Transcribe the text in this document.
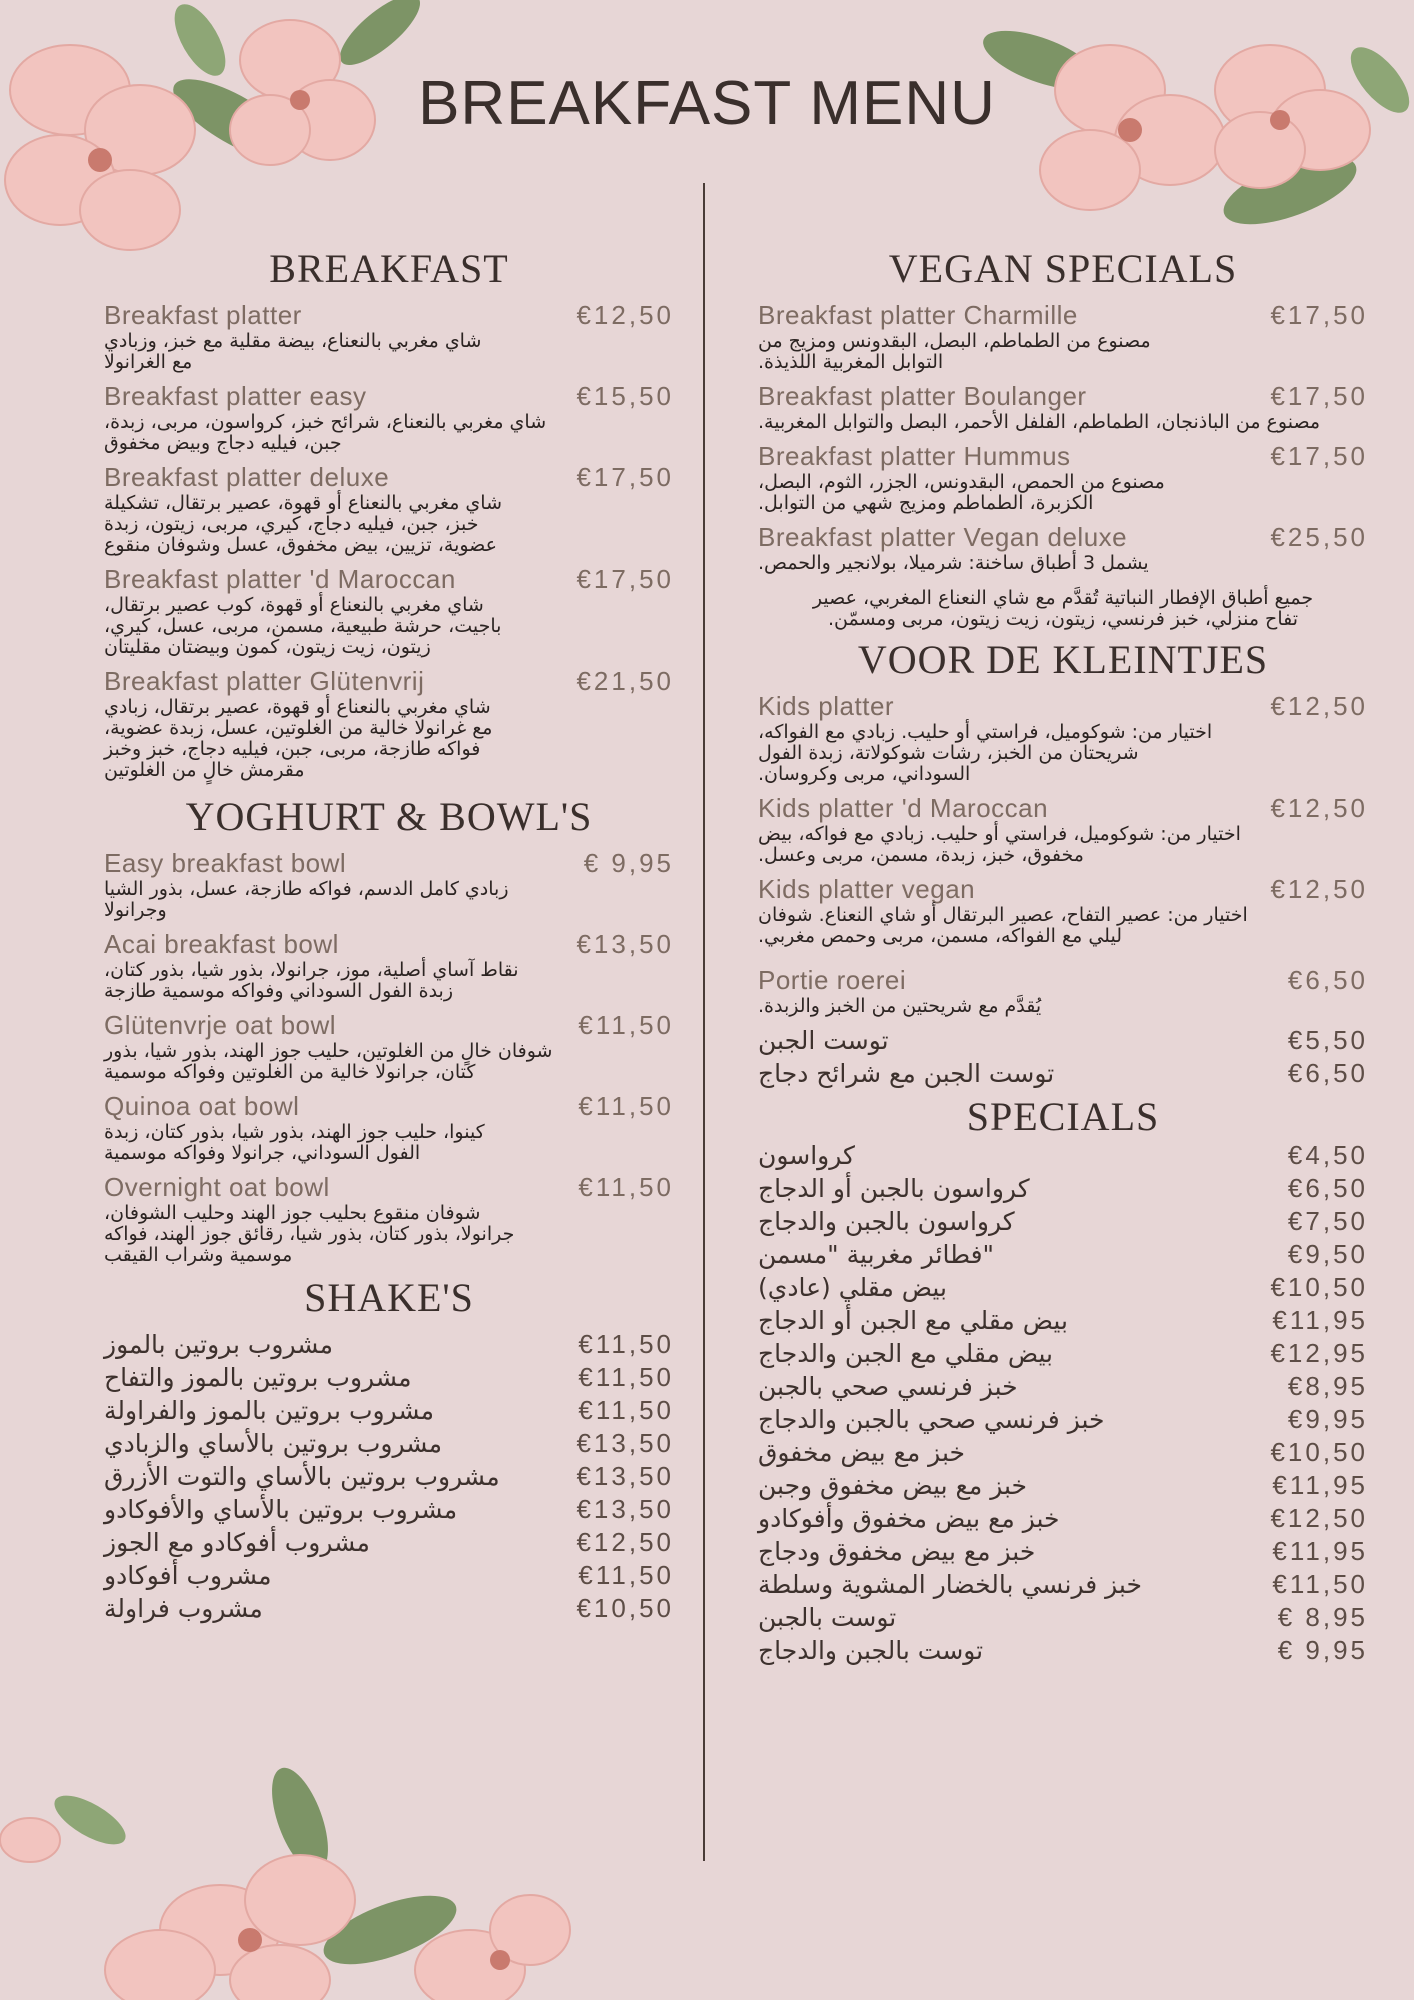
BREAKFAST MENU
BREAKFAST
Breakfast platter	€12,50
شاي مغربي بالنعناع، بيضة مقلية مع خبز، وزبادي مع الغرانولا
Breakfast platter easy	€15,50
شاي مغربي بالنعناع، شرائح خبز، كرواسون، مربى، زبدة، جبن، فيليه دجاج وبيض مخفوق
Breakfast platter deluxe	€17,50
شاي مغربي بالنعناع أو قهوة، عصير برتقال، تشكيلة خبز، جبن، فيليه دجاج، كيري، مربى، زيتون، زبدة عضوية، تزيين، بيض مخفوق، عسل وشوفان منقوع
Breakfast platter 'd Maroccan	€17,50
شاي مغربي بالنعناع أو قهوة، كوب عصير برتقال، باجيت، حرشة طبيعية، مسمن، مربى، عسل، كيري، زيتون، زيت زيتون، كمون وبيضتان مقليتان
Breakfast platter Glütenvrij	€21,50
شاي مغربي بالنعناع أو قهوة، عصير برتقال، زبادي مع غرانولا خالية من الغلوتين، عسل، زبدة عضوية، فواكه طازجة، مربى، جبن، فيليه دجاج، خبز وخبز مقرمش خالٍ من الغلوتين
YOGHURT & BOWL'S
Easy breakfast bowl	€ 9,95
زبادي كامل الدسم، فواكه طازجة، عسل، بذور الشيا وجرانولا
Acai breakfast bowl	€13,50
نقاط آساي أصلية، موز، جرانولا، بذور شيا، بذور كتان، زبدة الفول السوداني وفواكه موسمية طازجة
Glütenvrje oat bowl	€11,50
شوفان خالٍ من الغلوتين، حليب جوز الهند، بذور شيا، بذور كتان، جرانولا خالية من الغلوتين وفواكه موسمية
Quinoa oat bowl	€11,50
كينوا، حليب جوز الهند، بذور شيا، بذور كتان، زبدة الفول السوداني، جرانولا وفواكه موسمية
Overnight oat bowl	€11,50
شوفان منقوع بحليب جوز الهند وحليب الشوفان، جرانولا، بذور كتان، بذور شيا، رقائق جوز الهند، فواكه موسمية وشراب القيقب
SHAKE'S
مشروب بروتين بالموز	€11,50
مشروب بروتين بالموز والتفاح	€11,50
مشروب بروتين بالموز والفراولة	€11,50
مشروب بروتين بالأساي والزبادي	€13,50
مشروب بروتين بالأساي والتوت الأزرق	€13,50
مشروب بروتين بالأساي والأفوكادو	€13,50
مشروب أفوكادو مع الجوز	€12,50
مشروب أفوكادو	€11,50
مشروب فراولة	€10,50
VEGAN SPECIALS
Breakfast platter Charmille	€17,50
مصنوع من الطماطم، البصل، البقدونس ومزيج من التوابل المغربية اللذيذة.
Breakfast platter Boulanger	€17,50
مصنوع من الباذنجان، الطماطم، الفلفل الأحمر، البصل والتوابل المغربية.
Breakfast platter Hummus	€17,50
مصنوع من الحمص، البقدونس، الجزر، الثوم، البصل، الكزبرة، الطماطم ومزيج شهي من التوابل.
Breakfast platter Vegan deluxe	€25,50
يشمل 3 أطباق ساخنة: شرميلا، بولانجير والحمص.
جميع أطباق الإفطار النباتية تُقدَّم مع شاي النعناع المغربي، عصير تفاح منزلي، خبز فرنسي، زيتون، زيت زيتون، مربى ومسمّن.
VOOR DE KLEINTJES
Kids platter	€12,50
اختيار من: شوكوميل، فراستي أو حليب. زبادي مع الفواكه، شريحتان من الخبز، رشات شوكولاتة، زبدة الفول السوداني، مربى وكروسان.
Kids platter 'd Maroccan	€12,50
اختيار من: شوكوميل، فراستي أو حليب. زبادي مع فواكه، بيض مخفوق، خبز، زبدة، مسمن، مربى وعسل.
Kids platter vegan	€12,50
اختيار من: عصير التفاح، عصير البرتقال أو شاي النعناع. شوفان ليلي مع الفواكه، مسمن، مربى وحمص مغربي.
Portie roerei	€6,50
يُقدَّم مع شريحتين من الخبز والزبدة.
توست الجبن	€5,50
توست الجبن مع شرائح دجاج	€6,50
SPECIALS
كرواسون	€4,50
كرواسون بالجبن أو الدجاج	€6,50
كرواسون بالجبن والدجاج	€7,50
"فطائر مغربية "مسمن	€9,50
بيض مقلي (عادي)	€10,50
بيض مقلي مع الجبن أو الدجاج	€11,95
بيض مقلي مع الجبن والدجاج	€12,95
خبز فرنسي صحي بالجبن	€8,95
خبز فرنسي صحي بالجبن والدجاج	€9,95
خبز مع بيض مخفوق	€10,50
خبز مع بيض مخفوق وجبن	€11,95
خبز مع بيض مخفوق وأفوكادو	€12,50
خبز مع بيض مخفوق ودجاج	€11,95
خبز فرنسي بالخضار المشوية وسلطة	€11,50
توست بالجبن	€ 8,95
توست بالجبن والدجاج	€ 9,95
